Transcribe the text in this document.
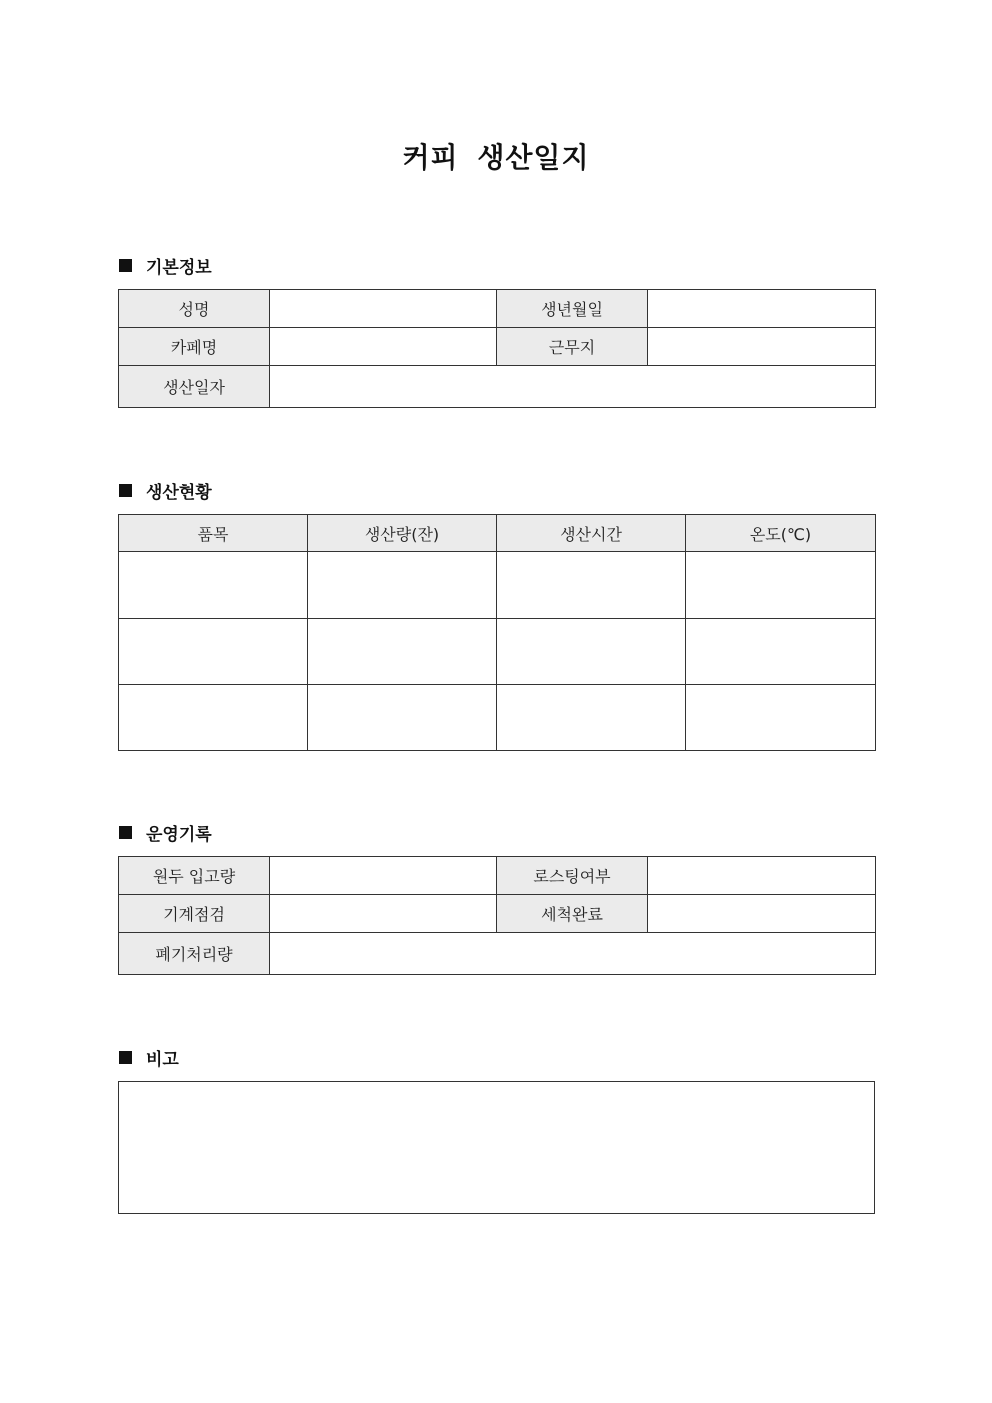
커피 생산일지
기본정보
성명		생년월일	
카페명		근무지	
생산일자			
생산현황
품목	생산량(잔)	생산시간	온도(℃)

운영기록
원두 입고량		로스팅여부	
기계점검		세척완료	
폐기처리량			
비고
